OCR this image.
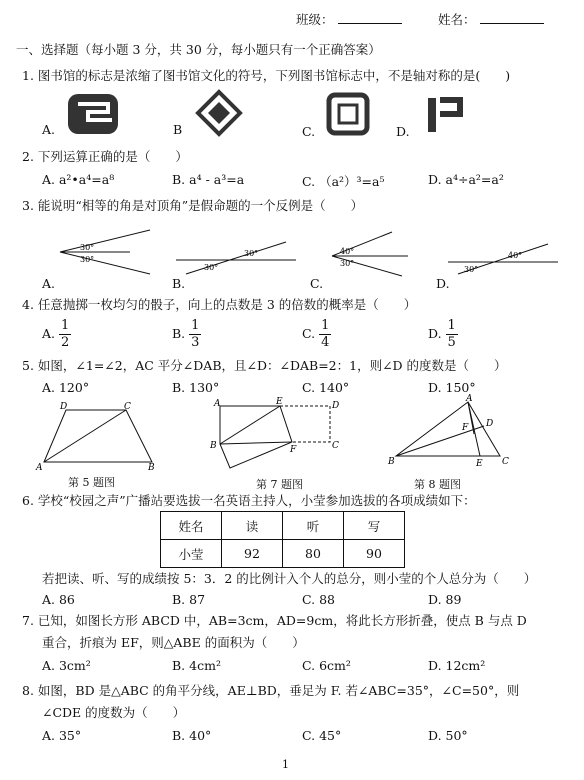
班级：	姓名：
一、选择题（每小题 3 分，共 30 分，每小题只有一个正确答案）
1. 图书馆的标志是浓缩了图书馆文化的符号，下列图书馆标志中，不是轴对称的是(　　)
A.	B	C.	D.
2. 下列运算正确的是（　　）
A. a²•a⁴=a⁸	B. a⁴ - a³=a	C. （a²）³=a⁵	D. a⁴÷a²=a²
3. 能说明“相等的角是对顶角”是假命题的一个反例是（　　）
30°
30°
A.
30°
30°
B.
40°
30°
C.
30°
40°
D.
4. 任意抛掷一枚均匀的骰子，向上的点数是 3 的倍数的概率是（　　）
A. $\frac{1}{2}$	B. $\frac{1}{3}$	C. $\frac{1}{4}$	D. $\frac{1}{5}$
5. 如图，∠1=∠2，AC 平分∠DAB，且∠D：∠DAB=2：1，则∠D 的度数是（　　）
A. 120°	B. 130°	C. 140°	D. 150°
D	C
A	B
第 5 题图
A	E	D
B	F	C
第 7 题图
A
F D
B	E C
第 8 题图
6. 学校“校园之声”广播站要选拔一名英语主持人，小莹参加选拔的各项成绩如下：
姓名	读	听	写
小莹	92	80	90
若把读、听、写的成绩按 5：3．2 的比例计入个人的总分，则小莹的个人总分为（　　）
A. 86	B. 87	C. 88	D. 89
7. 已知，如图长方形 ABCD 中，AB=3cm，AD=9cm，将此长方形折叠，使点 B 与点 D
重合，折痕为 EF，则△ABE 的面积为（　　）
A. 3cm²	B. 4cm²	C. 6cm²	D. 12cm²
8. 如图，BD 是△ABC 的角平分线，AE⊥BD，垂足为 F. 若∠ABC=35°，∠C=50°，则
∠CDE 的度数为（　　）
A. 35°	B. 40°	C. 45°	D. 50°
1
